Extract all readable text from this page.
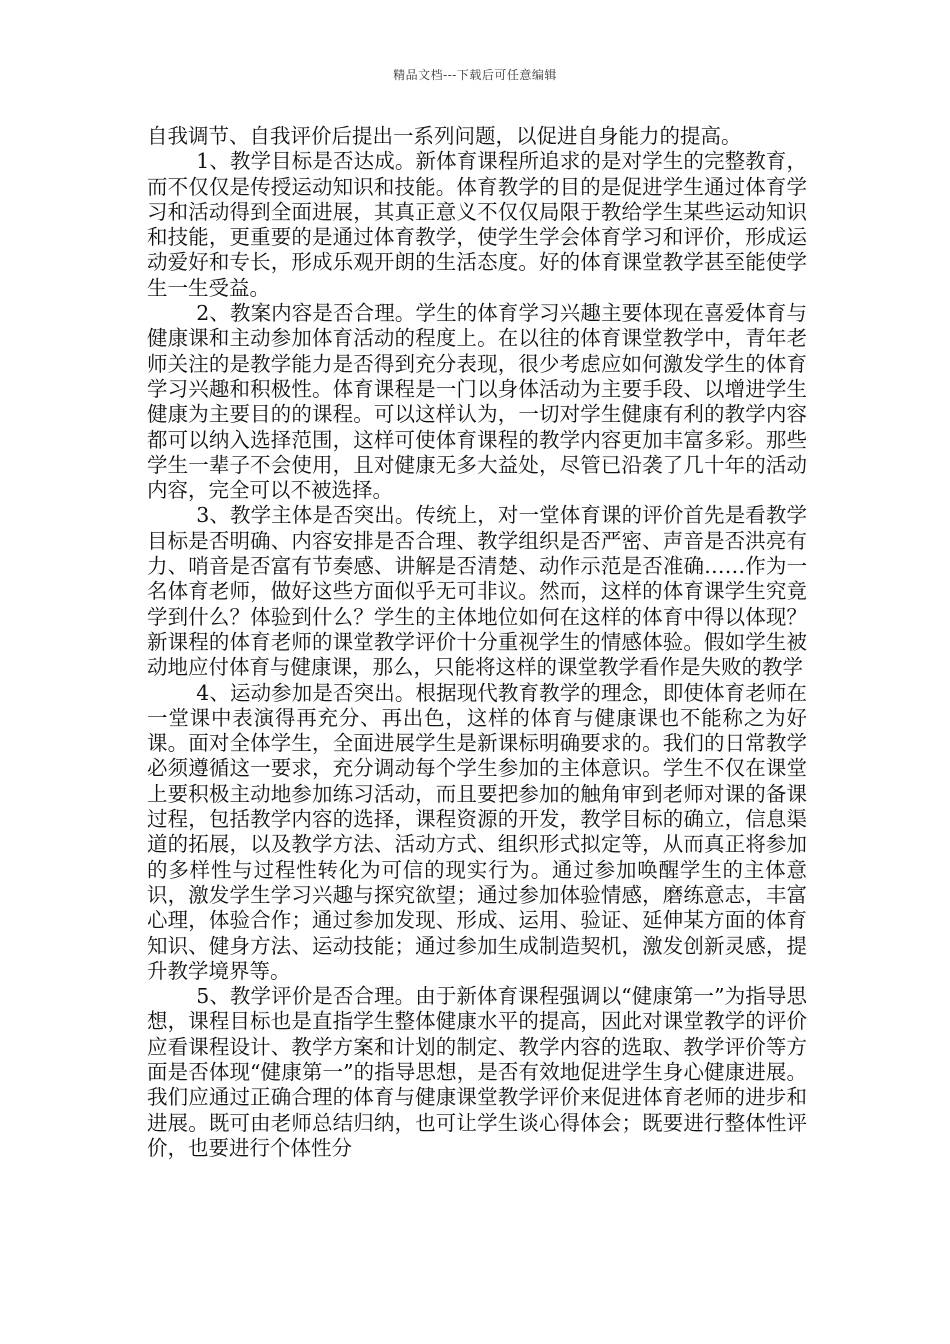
精品文档---下载后可任意编辑

自我调节、自我评价后提出一系列问题，以促进自身能力的提高。

1、教学目标是否达成。新体育课程所追求的是对学生的完整教育，而不仅仅是传授运动知识和技能。体育教学的目的是促进学生通过体育学习和活动得到全面进展，其真正意义不仅仅局限于教给学生某些运动知识和技能，更重要的是通过体育教学，使学生学会体育学习和评价，形成运动爱好和专长，形成乐观开朗的生活态度。好的体育课堂教学甚至能使学生一生受益。

2、教案内容是否合理。学生的体育学习兴趣主要体现在喜爱体育与健康课和主动参加体育活动的程度上。在以往的体育课堂教学中，青年老师关注的是教学能力是否得到充分表现，很少考虑应如何激发学生的体育学习兴趣和积极性。体育课程是一门以身体活动为主要手段、以增进学生健康为主要目的的课程。可以这样认为，一切对学生健康有利的教学内容都可以纳入选择范围，这样可使体育课程的教学内容更加丰富多彩。那些学生一辈子不会使用，且对健康无多大益处，尽管已沿袭了几十年的活动内容，完全可以不被选择。

3、教学主体是否突出。传统上，对一堂体育课的评价首先是看教学目标是否明确、内容安排是否合理、教学组织是否严密、声音是否洪亮有力、哨音是否富有节奏感、讲解是否清楚、动作示范是否准确……作为一名体育老师，做好这些方面似乎无可非议。然而，这样的体育课学生究竟学到什么？体验到什么？学生的主体地位如何在这样的体育中得以体现？新课程的体育老师的课堂教学评价十分重视学生的情感体验。假如学生被动地应付体育与健康课，那么，只能将这样的课堂教学看作是失败的教学

4、运动参加是否突出。根据现代教育教学的理念，即使体育老师在一堂课中表演得再充分、再出色，这样的体育与健康课也不能称之为好课。面对全体学生，全面进展学生是新课标明确要求的。我们的日常教学必须遵循这一要求，充分调动每个学生参加的主体意识。学生不仅在课堂上要积极主动地参加练习活动，而且要把参加的触角审到老师对课的备课过程，包括教学内容的选择，课程资源的开发，教学目标的确立，信息渠道的拓展，以及教学方法、活动方式、组织形式拟定等，从而真正将参加的多样性与过程性转化为可信的现实行为。通过参加唤醒学生的主体意识，激发学生学习兴趣与探究欲望；通过参加体验情感，磨练意志，丰富心理，体验合作；通过参加发现、形成、运用、验证、延伸某方面的体育知识、健身方法、运动技能；通过参加生成制造契机，激发创新灵感，提升教学境界等。

5、教学评价是否合理。由于新体育课程强调以“健康第一”为指导思想，课程目标也是直指学生整体健康水平的提高，因此对课堂教学的评价应看课程设计、教学方案和计划的制定、教学内容的选取、教学评价等方面是否体现“健康第一”的指导思想，是否有效地促进学生身心健康进展。我们应通过正确合理的体育与健康课堂教学评价来促进体育老师的进步和进展。既可由老师总结归纳，也可让学生谈心得体会；既要进行整体性评价，也要进行个体性分
